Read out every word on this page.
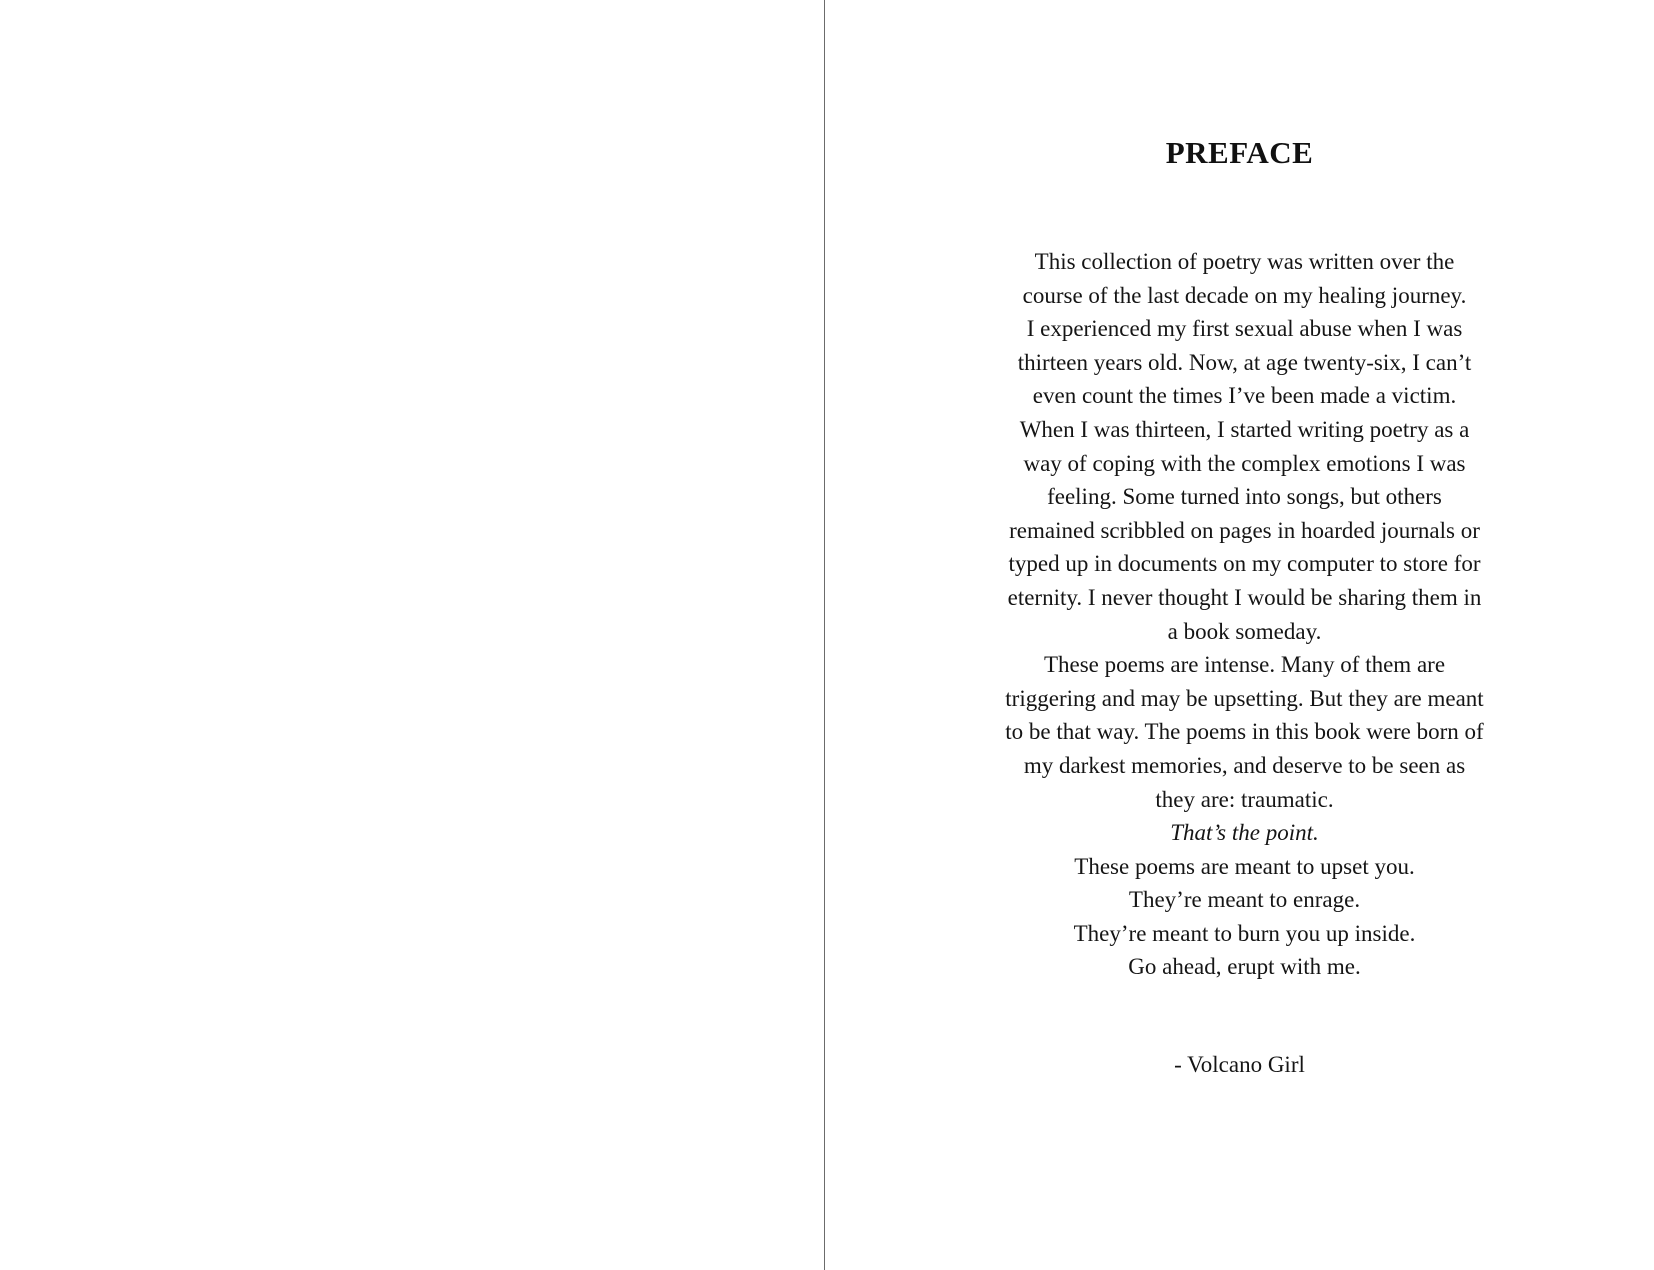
PREFACE
This collection of poetry was written over the
course of the last decade on my healing journey.
I experienced my first sexual abuse when I was
thirteen years old. Now, at age twenty-six, I can’t
even count the times I’ve been made a victim.
When I was thirteen, I started writing poetry as a
way of coping with the complex emotions I was
feeling. Some turned into songs, but others
remained scribbled on pages in hoarded journals or
typed up in documents on my computer to store for
eternity. I never thought I would be sharing them in
a book someday.
These poems are intense. Many of them are
triggering and may be upsetting. But they are meant
to be that way. The poems in this book were born of
my darkest memories, and deserve to be seen as
they are: traumatic.
That’s the point.
These poems are meant to upset you.
They’re meant to enrage.
They’re meant to burn you up inside.
Go ahead, erupt with me.

- Volcano Girl
